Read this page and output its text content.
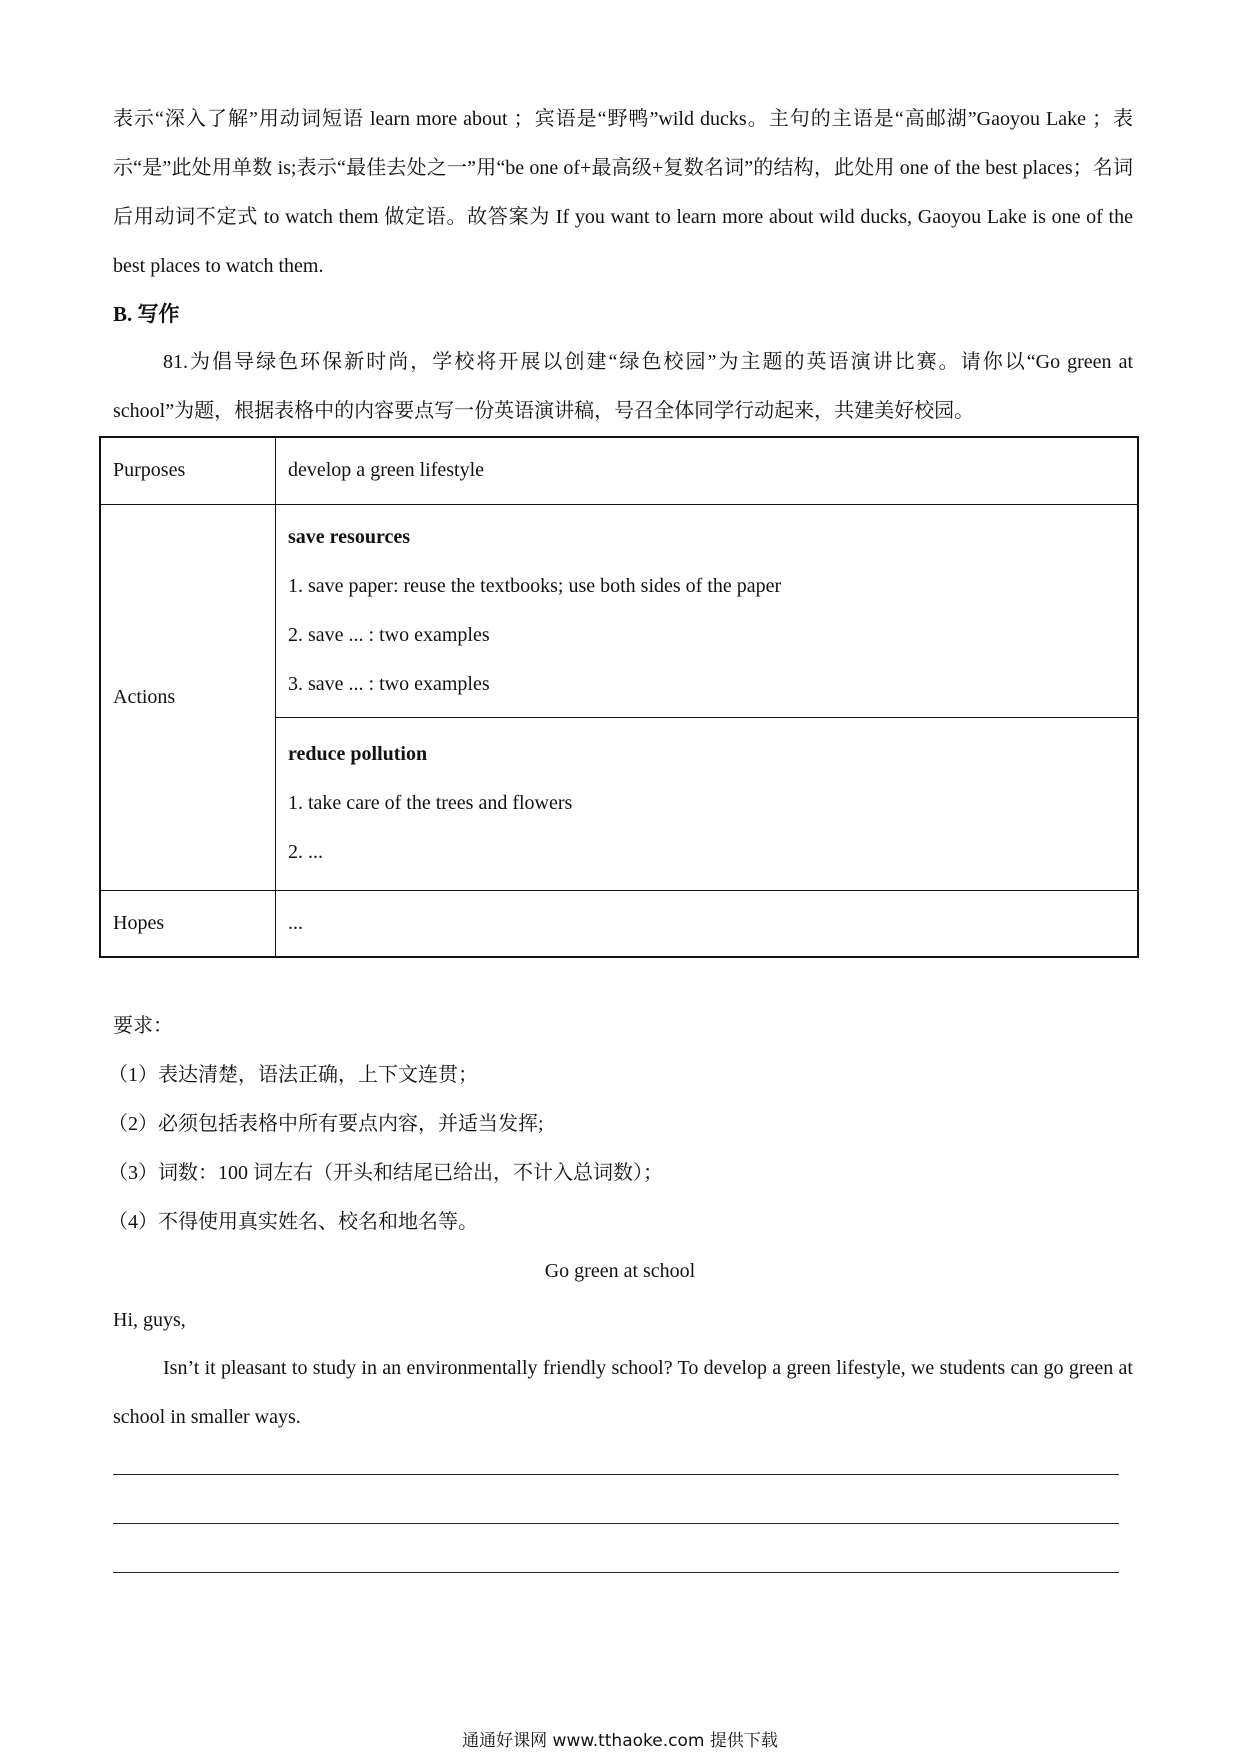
表示“深入了解”用动词短语 learn more about ；宾语是“野鸭”wild ducks。主句的主语是“高邮湖”Gaoyou Lake ；表示“是”此处用单数 is;表示“最佳去处之一”用“be one of+最高级+复数名词”的结构，此处用 one of the best places；名词后用动词不定式 to watch them 做定语。故答案为 If you want to learn more about wild ducks, Gaoyou Lake is one of the best places to watch them.

B. 写作

81.为倡导绿色环保新时尚，学校将开展以创建“绿色校园”为主题的英语演讲比赛。请你以“Go green at school”为题，根据表格中的内容要点写一份英语演讲稿，号召全体同学行动起来，共建美好校园。

Purposes	develop a green lifestyle
Actions	save resources
1. save paper: reuse the textbooks; use both sides of the paper
2. save ... : two examples
3. save ... : two examples

	reduce pollution
1. take care of the trees and flowers
2. ...

Hopes	...
要求：
（1）表达清楚，语法正确，上下文连贯；
（2）必须包括表格中所有要点内容，并适当发挥;
（3）词数：100 词左右（开头和结尾已给出，不计入总词数）；
（4）不得使用真实姓名、校名和地名等。
Go green at school
Hi, guys,

Isn’t it pleasant to study in an environmentally friendly school? To develop a green lifestyle, we students can go green at school in smaller ways.

通通好课网 www.tthaoke.com 提供下载
